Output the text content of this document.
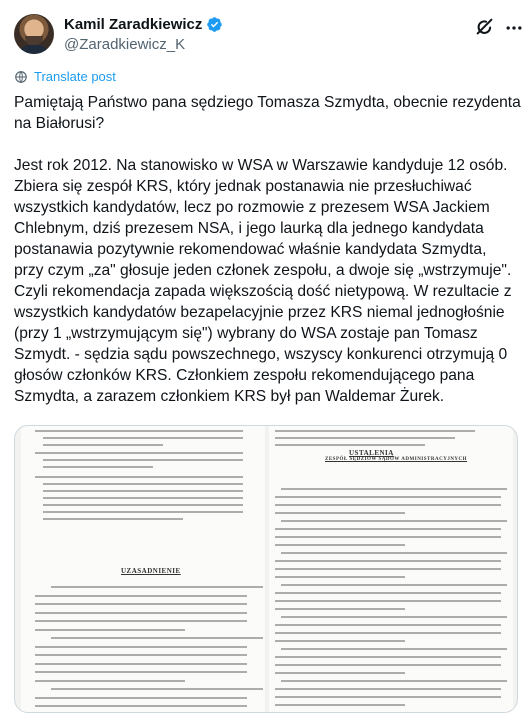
Kamil Zaradkiewicz
@Zaradkiewicz_K
Translate post

Pamiętają Państwo pana sędziego Tomasza Szmydta, obecnie rezydenta

na Białorusi?

Jest rok 2012. Na stanowisko w WSA w Warszawie kandyduje 12 osób.

Zbiera się zespół KRS, który jednak postanawia nie przesłuchiwać

wszystkich kandydatów, lecz po rozmowie z prezesem WSA Jackiem

Chlebnym, dziś prezesem NSA, i jego laurką dla jednego kandydata

postanawia pozytywnie rekomendować właśnie kandydata Szmydta,

przy czym „za" głosuje jeden członek zespołu, a dwoje się „wstrzymuje".

Czyli rekomendacja zapada większością dość nietypową. W rezultacie z

wszystkich kandydatów bezapelacyjnie przez KRS niemal jednogłośnie

(przy 1 „wstrzymującym się") wybrany do WSA zostaje pan Tomasz

Szmydt. - sędzia sądu powszechnego, wszyscy konkurenci otrzymują 0

głosów członków KRS. Członkiem zespołu rekomendującego pana

Szmydta, a zarazem członkiem KRS był pan Waldemar Żurek.

UZASADNIENIE
USTALENIA
ZESPÓŁ SĘDZIÓW SĄDÓW ADMINISTRACYJNYCH
